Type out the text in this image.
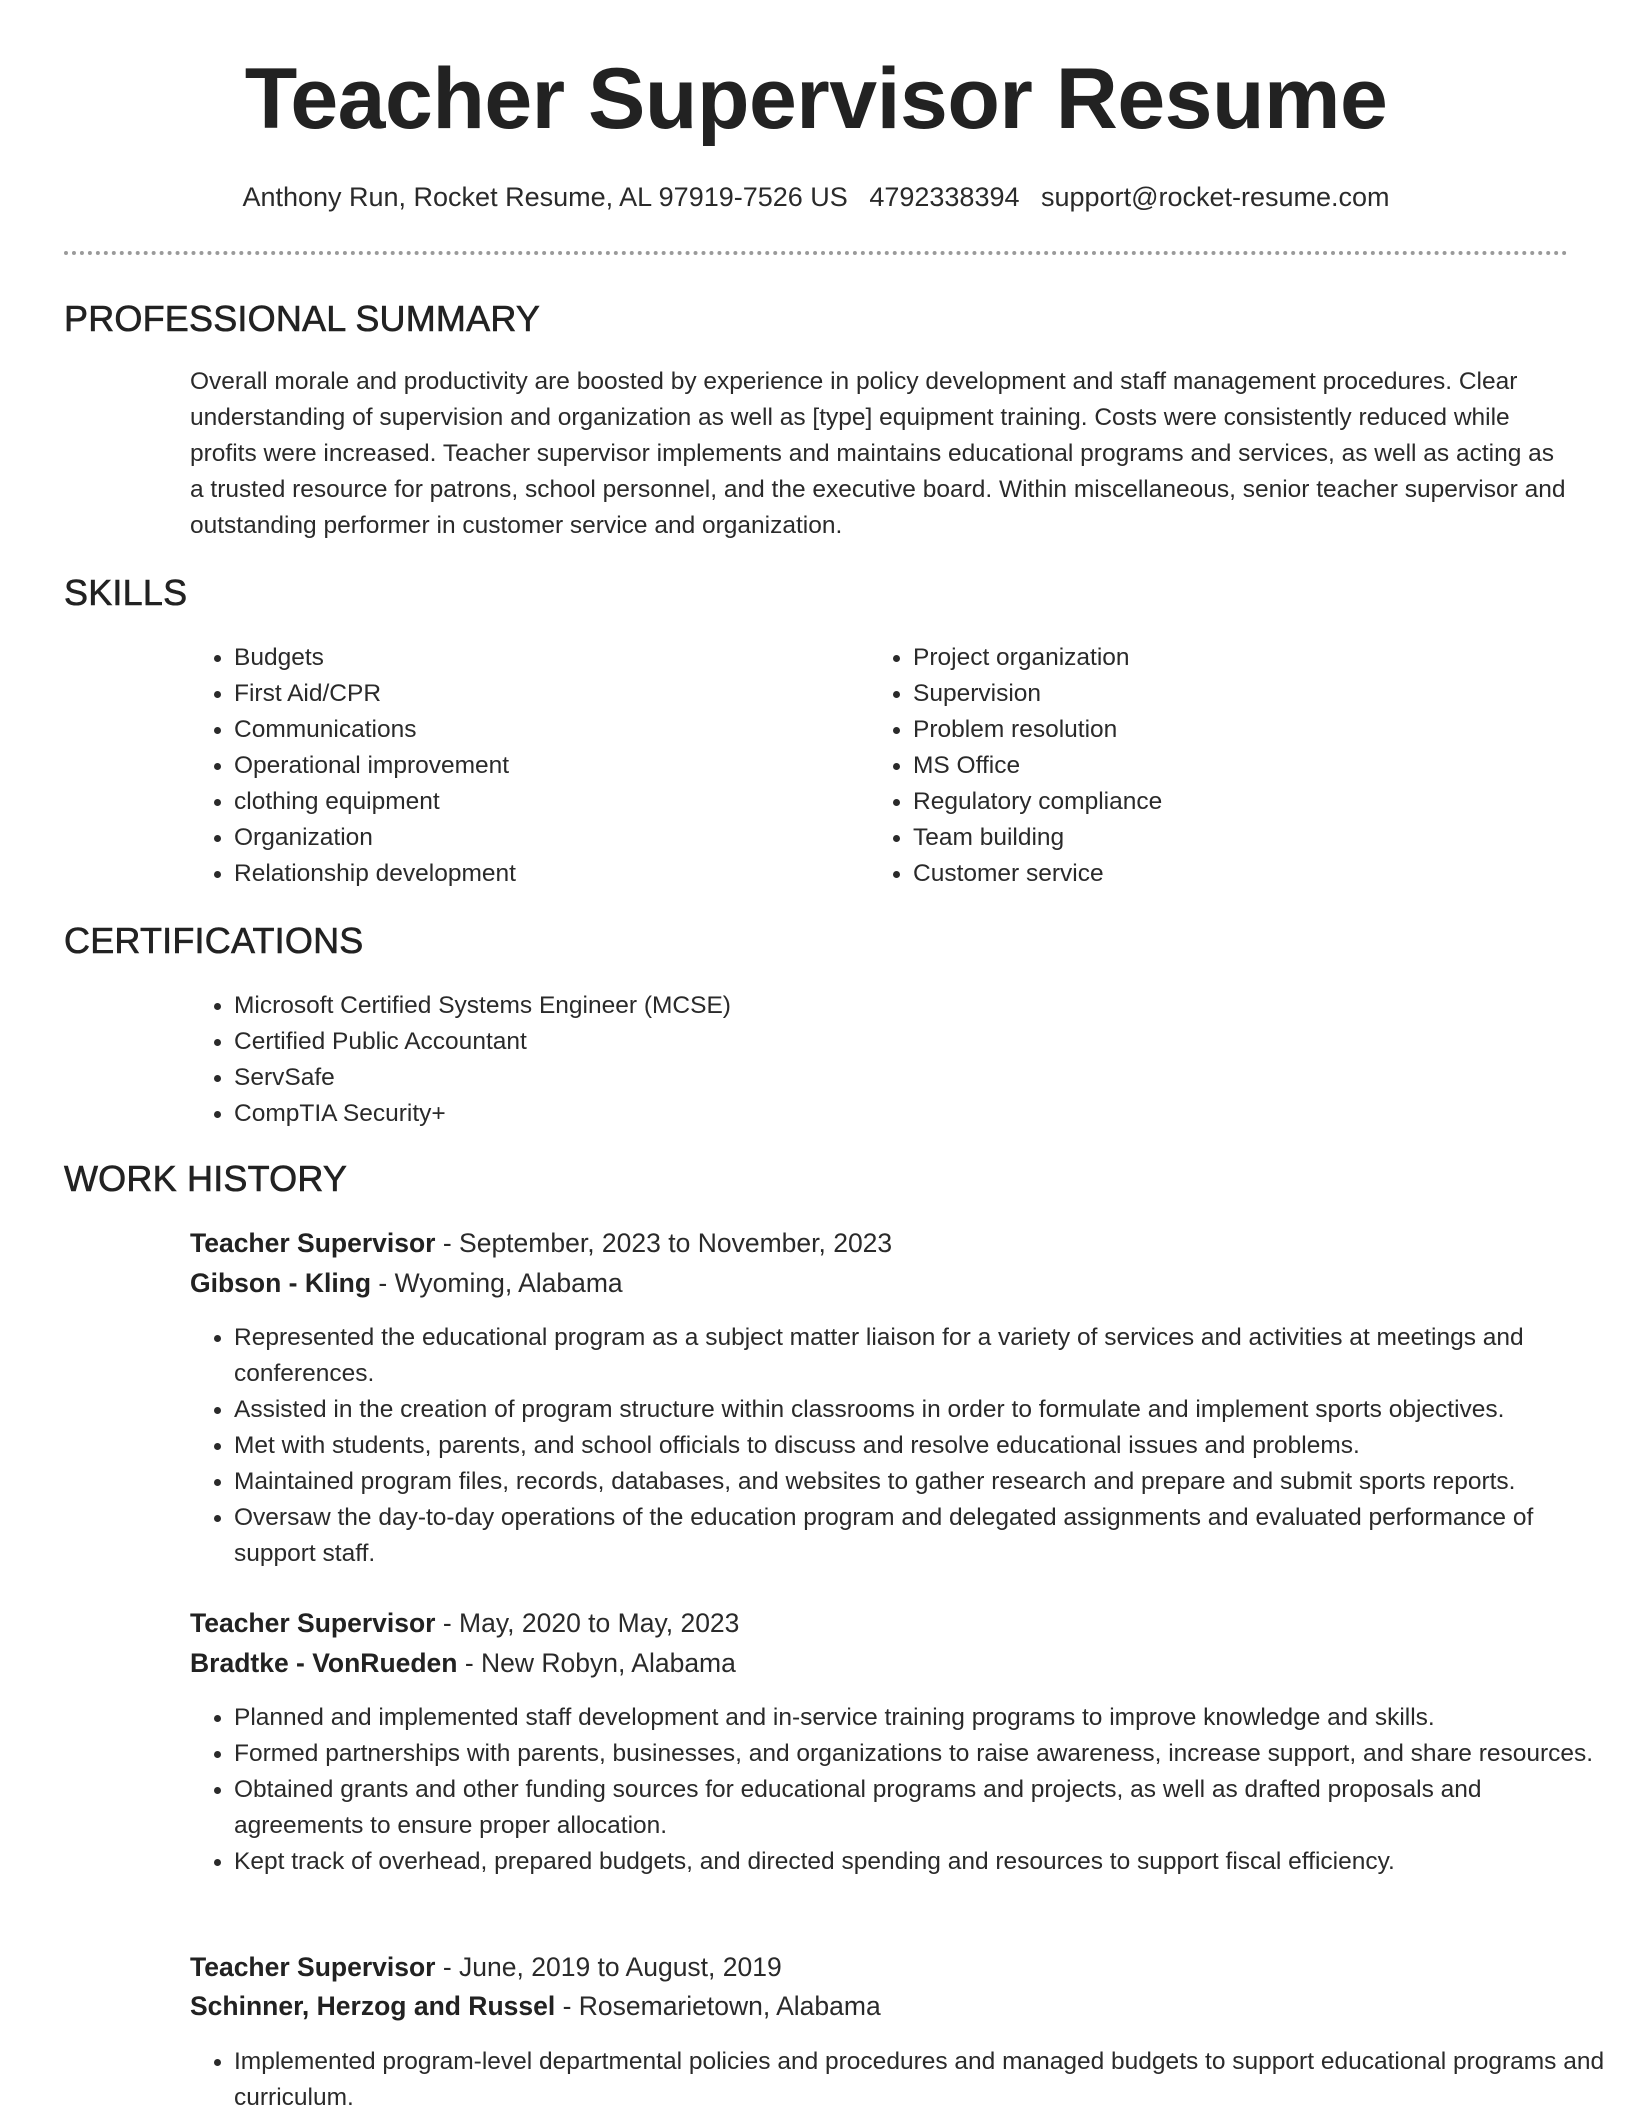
Teacher Supervisor Resume
Anthony Run, Rocket Resume, AL 97919-7526 US 4792338394 support@rocket-resume.com
PROFESSIONAL SUMMARY

Overall morale and productivity are boosted by experience in policy development and staff management procedures. Clear understanding of supervision and organization as well as [type] equipment training. Costs were consistently reduced while profits were increased. Teacher supervisor implements and maintains educational programs and services, as well as acting as a trusted resource for patrons, school personnel, and the executive board. Within miscellaneous, senior teacher supervisor and outstanding performer in customer service and organization.

SKILLS
• Budgets
• First Aid/CPR
• Communications
• Operational improvement
• clothing equipment
• Organization
• Relationship development
• Project organization
• Supervision
• Problem resolution
• MS Office
• Regulatory compliance
• Team building
• Customer service
CERTIFICATIONS
• Microsoft Certified Systems Engineer (MCSE)
• Certified Public Accountant
• ServSafe
• CompTIA Security+
WORK HISTORY
Teacher Supervisor - September, 2023 to November, 2023
Gibson - Kling - Wyoming, Alabama
• Represented the educational program as a subject matter liaison for a variety of services and activities at meetings and conferences.
• Assisted in the creation of program structure within classrooms in order to formulate and implement sports objectives.
• Met with students, parents, and school officials to discuss and resolve educational issues and problems.
• Maintained program files, records, databases, and websites to gather research and prepare and submit sports reports.
• Oversaw the day-to-day operations of the education program and delegated assignments and evaluated performance of support staff.
Teacher Supervisor - May, 2020 to May, 2023
Bradtke - VonRueden - New Robyn, Alabama
• Planned and implemented staff development and in-service training programs to improve knowledge and skills.
• Formed partnerships with parents, businesses, and organizations to raise awareness, increase support, and share resources.
• Obtained grants and other funding sources for educational programs and projects, as well as drafted proposals and agreements to ensure proper allocation.
• Kept track of overhead, prepared budgets, and directed spending and resources to support fiscal efficiency.
Teacher Supervisor - June, 2019 to August, 2019
Schinner, Herzog and Russel - Rosemarietown, Alabama
• Implemented program-level departmental policies and procedures and managed budgets to support educational programs and curriculum.
